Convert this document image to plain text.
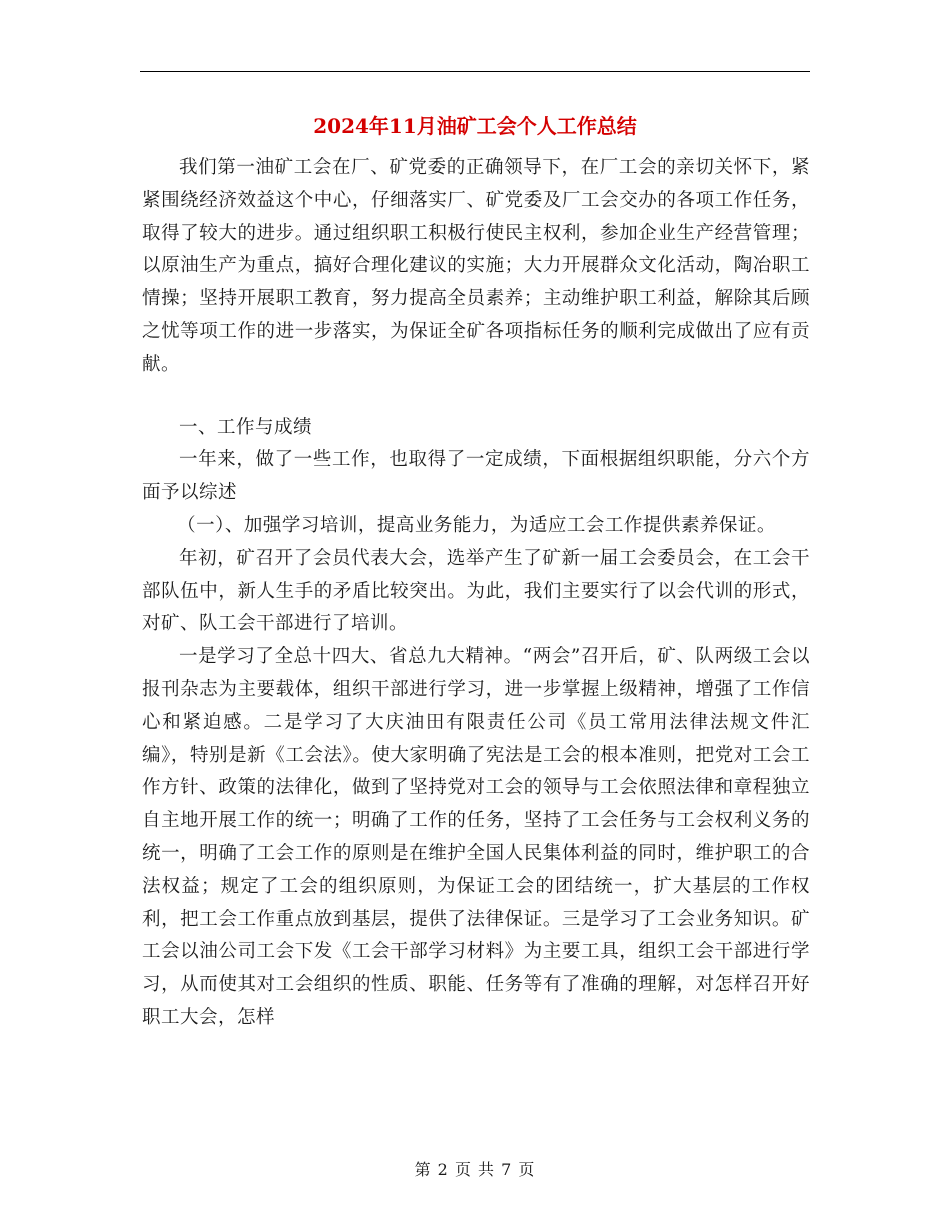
2024年11月油矿工会个人工作总结

我们第一油矿工会在厂、矿党委的正确领导下，在厂工会的亲切关怀下，紧紧围绕经济效益这个中心，仔细落实厂、矿党委及厂工会交办的各项工作任务，取得了较大的进步。通过组织职工积极行使民主权利，参加企业生产经营管理；以原油生产为重点，搞好合理化建议的实施；大力开展群众文化活动，陶冶职工情操；坚持开展职工教育，努力提高全员素养；主动维护职工利益，解除其后顾之忧等项工作的进一步落实，为保证全矿各项指标任务的顺利完成做出了应有贡献。

一、工作与成绩

一年来，做了一些工作，也取得了一定成绩，下面根据组织职能，分六个方面予以综述

（一）、加强学习培训，提高业务能力，为适应工会工作提供素养保证。

年初，矿召开了会员代表大会，选举产生了矿新一届工会委员会，在工会干部队伍中，新人生手的矛盾比较突出。为此，我们主要实行了以会代训的形式，对矿、队工会干部进行了培训。

一是学习了全总十四大、省总九大精神。“两会”召开后，矿、队两级工会以报刊杂志为主要载体，组织干部进行学习，进一步掌握上级精神，增强了工作信心和紧迫感。二是学习了大庆油田有限责任公司《员工常用法律法规文件汇编》，特别是新《工会法》。使大家明确了宪法是工会的根本准则，把党对工会工作方针、政策的法律化，做到了坚持党对工会的领导与工会依照法律和章程独立自主地开展工作的统一；明确了工作的任务，坚持了工会任务与工会权利义务的统一，明确了工会工作的原则是在维护全国人民集体利益的同时，维护职工的合法权益；规定了工会的组织原则，为保证工会的团结统一，扩大基层的工作权利，把工会工作重点放到基层，提供了法律保证。三是学习了工会业务知识。矿工会以油公司工会下发《工会干部学习材料》为主要工具，组织工会干部进行学习，从而使其对工会组织的性质、职能、任务等有了准确的理解，对怎样召开好职工大会，怎样

第 2 页 共 7 页
